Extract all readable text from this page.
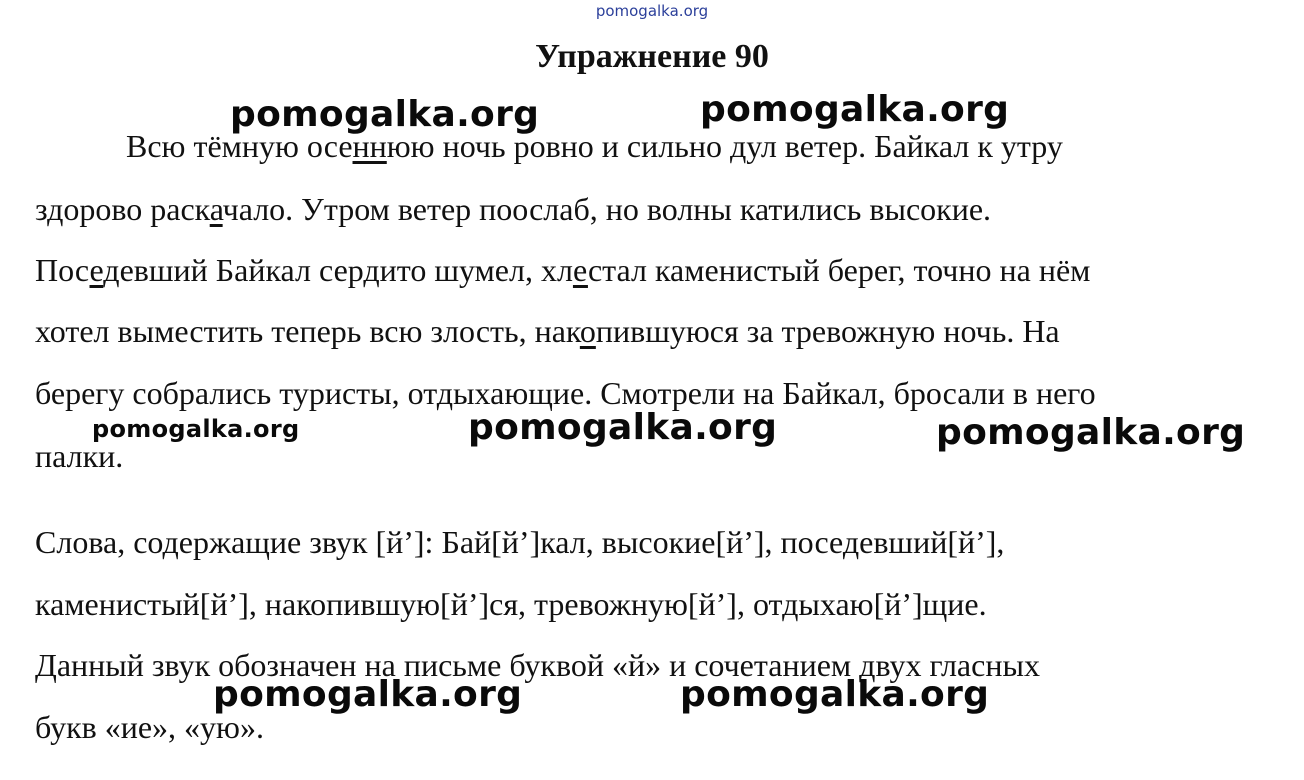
pomogalka.org
Упражнение 90
Всю тёмную осеннюю ночь ровно и сильно дул ветер. Байкал к утру
здорово раскачало. Утром ветер поослаб, но волны катились высокие.
Поседевший Байкал сердито шумел, хлестал каменистый берег, точно на нём
хотел выместить теперь всю злость, накопившуюся за тревожную ночь. На
берегу собрались туристы, отдыхающие. Смотрели на Байкал, бросали в него
палки.
Слова, содержащие звук [й’]: Бай[й’]кал, высокие[й’], поседевший[й’],
каменистый[й’], накопившую[й’]ся, тревожную[й’], отдыхаю[й’]щие.
Данный звук обозначен на письме буквой «й» и сочетанием двух гласных
букв «ие», «ую».
pomogalka.org	pomogalka.org
pomogalka.org	pomogalka.org	pomogalka.org
pomogalka.org	pomogalka.org
